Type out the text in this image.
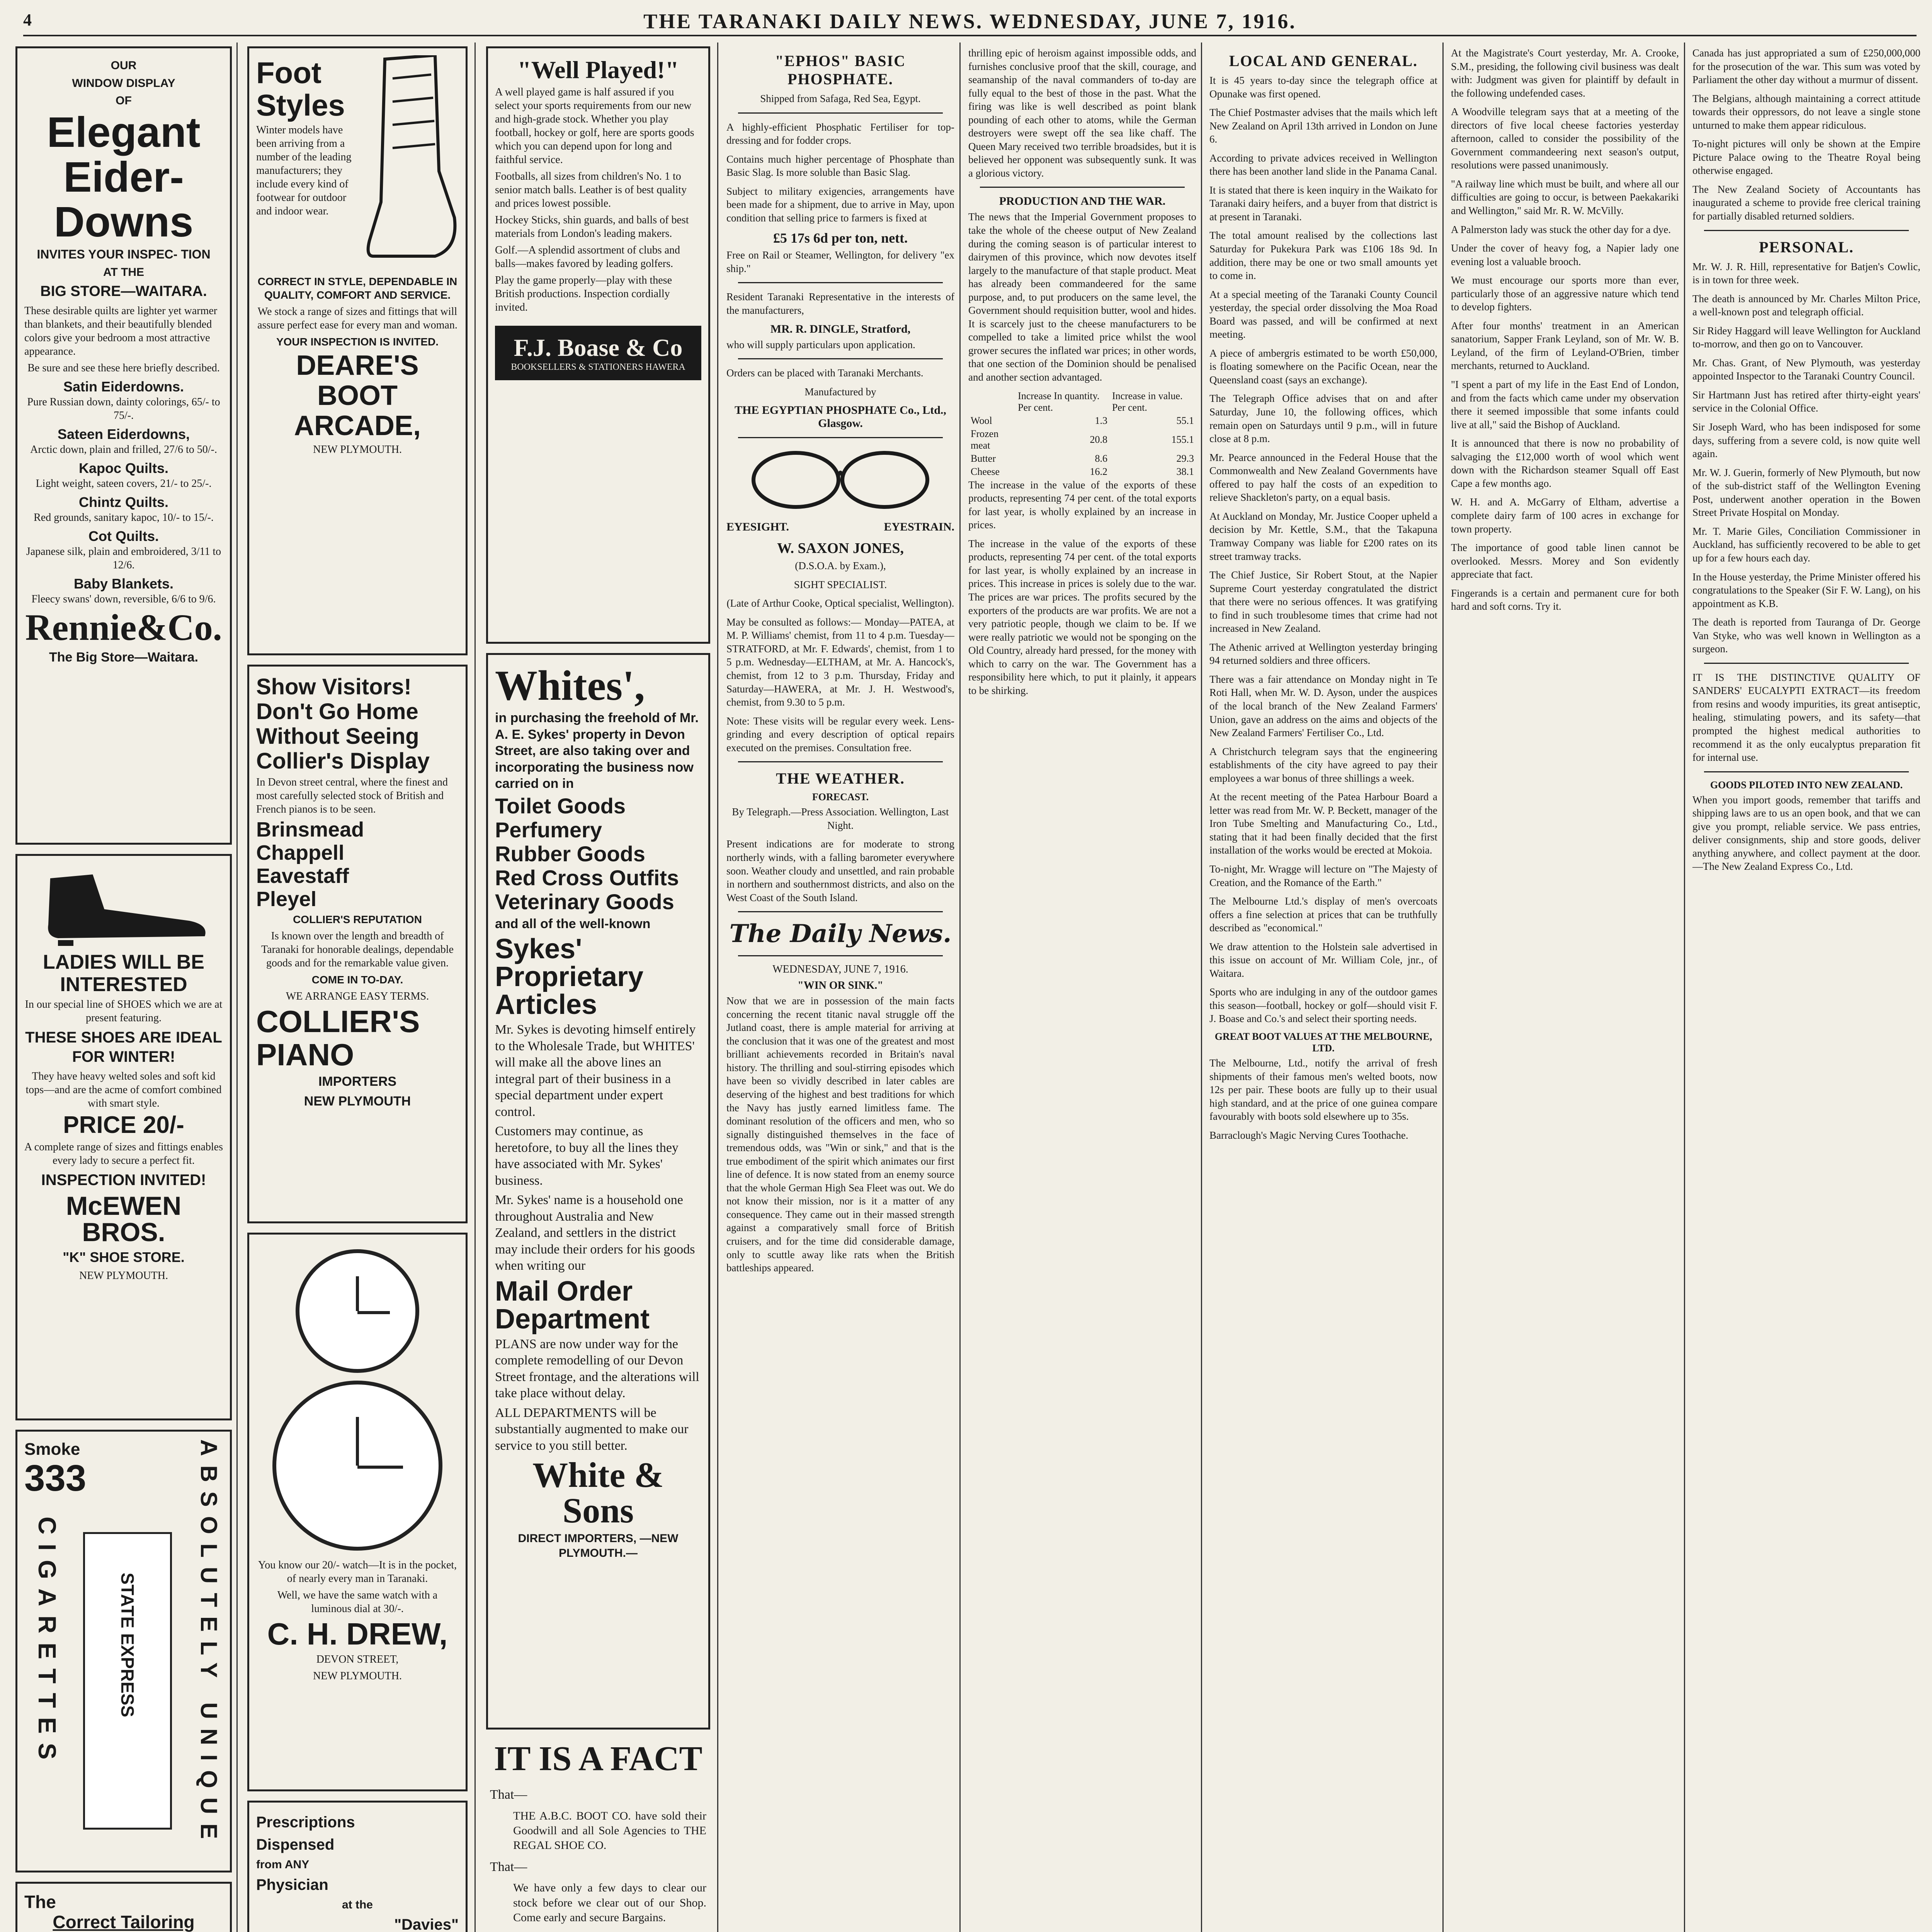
4	THE TARANAKI DAILY NEWS. WEDNESDAY, JUNE 7, 1916.

OUR

WINDOW DISPLAY

OF

Elegant
Eider-
Downs

INVITES YOUR INSPEC- TION

AT THE

BIG STORE—WAITARA.

These desirable quilts are lighter yet warmer than blankets, and their beautifully blended colors give your bedroom a most attractive appearance.

Be sure and see these here briefly described.

Satin Eiderdowns.

Pure Russian down, dainty colorings, 65/- to 75/-.

Sateen Eiderdowns,

Arctic down, plain and frilled, 27/6 to 50/-.

Kapoc Quilts.

Light weight, sateen covers, 21/- to 25/-.

Chintz Quilts.

Red grounds, sanitary kapoc, 10/- to 15/-.

Cot Quilts.

Japanese silk, plain and embroidered, 3/11 to 12/6.

Baby Blankets.

Fleecy swans' down, reversible, 6/6 to 9/6.

Rennie&Co.

The Big Store—Waitara.

LADIES WILL BE
INTERESTED

In our special line of SHOES which we are at present featuring.

THESE SHOES ARE IDEAL FOR WINTER!

They have heavy welted soles and soft kid tops—and are the acme of comfort combined with smart style.

PRICE 20/-

A complete range of sizes and fittings enables every lady to secure a perfect fit.

INSPECTION INVITED!

McEWEN BROS.

"K" SHOE STORE.

NEW PLYMOUTH.

Smoke

333
CIGARETTES	ABSOLUTELY UNIQUE
STATE EXPRESS
The
Correct Tailoring

Foot
Styles

Winter models have been arriving from a number of the leading manufacturers; they include every kind of footwear for outdoor and indoor wear.

CORRECT IN STYLE, DEPENDABLE IN QUALITY, COMFORT AND SERVICE.

We stock a range of sizes and fittings that will assure perfect ease for every man and woman.

YOUR INSPECTION IS INVITED.

DEARE'S
BOOT
ARCADE,

NEW PLYMOUTH.

Show Visitors!
Don't Go Home
Without Seeing
Collier's Display

In Devon street central, where the finest and most carefully selected stock of British and French pianos is to be seen.

Brinsmead
Chappell
Eavestaff
Pleyel

COLLIER'S REPUTATION

Is known over the length and breadth of Taranaki for honorable dealings, dependable goods and for the remarkable value given.

COME IN TO-DAY.

WE ARRANGE EASY TERMS.

COLLIER'S
PIANO

IMPORTERS

NEW PLYMOUTH

You know our 20/- watch—It is in the pocket, of nearly every man in Taranaki.

Well, we have the same watch with a luminous dial at 30/-.

C. H. DREW,

DEVON STREET,

NEW PLYMOUTH.

Prescriptions

Dispensed

from ANY

Physician

at the

"Davies"

"Well Played!"

A well played game is half assured if you select your sports requirements from our new and high-grade stock. Whether you play football, hockey or golf, here are sports goods which you can depend upon for long and faithful service.

Footballs, all sizes from children's No. 1 to senior match balls. Leather is of best quality and prices lowest possible.

Hockey Sticks, shin guards, and balls of best materials from London's leading makers.

Golf.—A splendid assortment of clubs and balls—makes favored by leading golfers.

Play the game properly—play with these British productions. Inspection cordially invited.

F.J. Boase & Co
BOOKSELLERS & STATIONERS HAWERA
Whites',

in purchasing the freehold of Mr. A. E. Sykes' property in Devon Street, are also taking over and incorporating the business now carried on in

Toilet Goods
Perfumery
Rubber Goods
Red Cross Outfits
Veterinary Goods

and all of the well-known

Sykes' Proprietary Articles

Mr. Sykes is devoting himself entirely to the Wholesale Trade, but WHITES' will make all the above lines an integral part of their business in a special department under expert control.

Customers may continue, as heretofore, to buy all the lines they have associated with Mr. Sykes' business.

Mr. Sykes' name is a household one throughout Australia and New Zealand, and settlers in the district may include their orders for his goods when writing our

Mail Order Department

PLANS are now under way for the complete remodelling of our Devon Street frontage, and the alterations will take place without delay.

ALL DEPARTMENTS will be substantially augmented to make our service to you still better.

White & Sons

DIRECT IMPORTERS, —NEW PLYMOUTH.—

IT IS A FACT

That—

THE A.B.C. BOOT CO. have sold their Goodwill and all Sole Agencies to THE REGAL SHOE CO.

That—

We have only a few days to clear our stock before we clear out of our Shop. Come early and secure Bargains.

"EPHOS" BASIC PHOSPHATE.

Shipped from Safaga, Red Sea, Egypt.

A highly-efficient Phosphatic Fertiliser for top-dressing and for fodder crops.

Contains much higher percentage of Phosphate than Basic Slag. Is more soluble than Basic Slag.

Subject to military exigencies, arrangements have been made for a shipment, due to arrive in May, upon condition that selling price to farmers is fixed at

£5 17s 6d per ton, nett.

Free on Rail or Steamer, Wellington, for delivery "ex ship."

Resident Taranaki Representative in the interests of the manufacturers,

MR. R. DINGLE, Stratford,

who will supply particulars upon application.

Orders can be placed with Taranaki Merchants.

Manufactured by

THE EGYPTIAN PHOSPHATE Co., Ltd., Glasgow.

EYESIGHT.	EYESTRAIN.

W. SAXON JONES,

(D.S.O.A. by Exam.),

SIGHT SPECIALIST.

(Late of Arthur Cooke, Optical specialist, Wellington).

May be consulted as follows:— Monday—PATEA, at M. P. Williams' chemist, from 11 to 4 p.m. Tuesday—STRATFORD, at Mr. F. Edwards', chemist, from 1 to 5 p.m. Wednesday—ELTHAM, at Mr. A. Hancock's, chemist, from 12 to 3 p.m. Thursday, Friday and Saturday—HAWERA, at Mr. J. H. Westwood's, chemist, from 9.30 to 5 p.m.

Note: These visits will be regular every week. Lens-grinding and every description of optical repairs executed on the premises. Consultation free.

THE WEATHER.

FORECAST.

By Telegraph.—Press Association. Wellington, Last Night.

Present indications are for moderate to strong northerly winds, with a falling barometer everywhere soon. Weather cloudy and unsettled, and rain probable in northern and southernmost districts, and also on the West Coast of the South Island.

The Daily News.

WEDNESDAY, JUNE 7, 1916.

"WIN OR SINK."

Now that we are in possession of the main facts concerning the recent titanic naval struggle off the Jutland coast, there is ample material for arriving at the conclusion that it was one of the greatest and most brilliant achievements recorded in Britain's naval history. The thrilling and soul-stirring episodes which have been so vividly described in later cables are deserving of the highest and best traditions for which the Navy has justly earned limitless fame. The dominant resolution of the officers and men, who so signally distinguished themselves in the face of tremendous odds, was "Win or sink," and that is the true embodiment of the spirit which animates our first line of defence. It is now stated from an enemy source that the whole German High Sea Fleet was out. We do not know their mission, nor is it a matter of any consequence. They came out in their massed strength against a comparatively small force of British cruisers, and for the time did considerable damage, only to scuttle away like rats when the British battleships appeared.

thrilling epic of heroism against impossible odds, and furnishes conclusive proof that the skill, courage, and seamanship of the naval commanders of to-day are fully equal to the best of those in the past. What the firing was like is well described as point blank pounding of each other to atoms, while the German destroyers were swept off the sea like chaff. The Queen Mary received two terrible broadsides, but it is believed her opponent was subsequently sunk. It was a glorious victory.

PRODUCTION AND THE WAR.

The news that the Imperial Government proposes to take the whole of the cheese output of New Zealand during the coming season is of particular interest to dairymen of this province, which now devotes itself largely to the manufacture of that staple product. Meat has already been commandeered for the same purpose, and, to put producers on the same level, the Government should requisition butter, wool and hides. It is scarcely just to the cheese manufacturers to be compelled to take a limited price whilst the wool grower secures the inflated war prices; in other words, that one section of the Dominion should be penalised and another section advantaged.

	Increase In quantity. Per cent.	Increase in value. Per cent.
Wool	1.3	55.1
Frozen meat	20.8	155.1
Butter	8.6	29.3
Cheese	16.2	38.1

The increase in the value of the exports of these products, representing 74 per cent. of the total exports for last year, is wholly explained by an increase in prices.

The increase in the value of the exports of these products, representing 74 per cent. of the total exports for last year, is wholly explained by an increase in prices. This increase in prices is solely due to the war. The prices are war prices. The profits secured by the exporters of the products are war profits. We are not a very patriotic people, though we claim to be. If we were really patriotic we would not be sponging on the Old Country, already hard pressed, for the money with which to carry on the war. The Government has a responsibility here which, to put it plainly, it appears to be shirking.

LOCAL AND GENERAL.

It is 45 years to-day since the telegraph office at Opunake was first opened.

The Chief Postmaster advises that the mails which left New Zealand on April 13th arrived in London on June 6.

According to private advices received in Wellington there has been another land slide in the Panama Canal.

It is stated that there is keen inquiry in the Waikato for Taranaki dairy heifers, and a buyer from that district is at present in Taranaki.

The total amount realised by the collections last Saturday for Pukekura Park was £106 18s 9d. In addition, there may be one or two small amounts yet to come in.

At a special meeting of the Taranaki County Council yesterday, the special order dissolving the Moa Road Board was passed, and will be confirmed at next meeting.

A piece of ambergris estimated to be worth £50,000, is floating somewhere on the Pacific Ocean, near the Queensland coast (says an exchange).

The Telegraph Office advises that on and after Saturday, June 10, the following offices, which remain open on Saturdays until 9 p.m., will in future close at 8 p.m.

Mr. Pearce announced in the Federal House that the Commonwealth and New Zealand Governments have offered to pay half the costs of an expedition to relieve Shackleton's party, on a equal basis.

At Auckland on Monday, Mr. Justice Cooper upheld a decision by Mr. Kettle, S.M., that the Takapuna Tramway Company was liable for £200 rates on its street tramway tracks.

The Chief Justice, Sir Robert Stout, at the Napier Supreme Court yesterday congratulated the district that there were no serious offences. It was gratifying to find in such troublesome times that crime had not increased in New Zealand.

The Athenic arrived at Wellington yesterday bringing 94 returned soldiers and three officers.

There was a fair attendance on Monday night in Te Roti Hall, when Mr. W. D. Ayson, under the auspices of the local branch of the New Zealand Farmers' Union, gave an address on the aims and objects of the New Zealand Farmers' Fertiliser Co., Ltd.

A Christchurch telegram says that the engineering establishments of the city have agreed to pay their employees a war bonus of three shillings a week.

At the recent meeting of the Patea Harbour Board a letter was read from Mr. W. P. Beckett, manager of the Iron Tube Smelting and Manufacturing Co., Ltd., stating that it had been finally decided that the first installation of the works would be erected at Mokoia.

To-night, Mr. Wragge will lecture on "The Majesty of Creation, and the Romance of the Earth."

The Melbourne Ltd.'s display of men's overcoats offers a fine selection at prices that can be truthfully described as "economical."

We draw attention to the Holstein sale advertised in this issue on account of Mr. William Cole, jnr., of Waitara.

Sports who are indulging in any of the outdoor games this season—football, hockey or golf—should visit F. J. Boase and Co.'s and select their sporting needs.

GREAT BOOT VALUES AT THE MELBOURNE, LTD.

The Melbourne, Ltd., notify the arrival of fresh shipments of their famous men's welted boots, now 12s per pair. These boots are fully up to their usual high standard, and at the price of one guinea compare favourably with boots sold elsewhere up to 35s.

Barraclough's Magic Nerving Cures Toothache.

At the Magistrate's Court yesterday, Mr. A. Crooke, S.M., presiding, the following civil business was dealt with: Judgment was given for plaintiff by default in the following undefended cases.

A Woodville telegram says that at a meeting of the directors of five local cheese factories yesterday afternoon, called to consider the possibility of the Government commandeering next season's output, resolutions were passed unanimously.

"A railway line which must be built, and where all our difficulties are going to occur, is between Paekakariki and Wellington," said Mr. R. W. McVilly.

A Palmerston lady was stuck the other day for a dye.

Under the cover of heavy fog, a Napier lady one evening lost a valuable brooch.

We must encourage our sports more than ever, particularly those of an aggressive nature which tend to develop fighters.

After four months' treatment in an American sanatorium, Sapper Frank Leyland, son of Mr. W. B. Leyland, of the firm of Leyland-O'Brien, timber merchants, returned to Auckland.

"I spent a part of my life in the East End of London, and from the facts which came under my observation there it seemed impossible that some infants could live at all," said the Bishop of Auckland.

It is announced that there is now no probability of salvaging the £12,000 worth of wool which went down with the Richardson steamer Squall off East Cape a few months ago.

W. H. and A. McGarry of Eltham, advertise a complete dairy farm of 100 acres in exchange for town property.

The importance of good table linen cannot be overlooked. Messrs. Morey and Son evidently appreciate that fact.

Fingerands is a certain and permanent cure for both hard and soft corns. Try it.

Canada has just appropriated a sum of £250,000,000 for the prosecution of the war. This sum was voted by Parliament the other day without a murmur of dissent.

The Belgians, although maintaining a correct attitude towards their oppressors, do not leave a single stone unturned to make them appear ridiculous.

To-night pictures will only be shown at the Empire Picture Palace owing to the Theatre Royal being otherwise engaged.

The New Zealand Society of Accountants has inaugurated a scheme to provide free clerical training for partially disabled returned soldiers.

PERSONAL.

Mr. W. J. R. Hill, representative for Batjen's Cowlic, is in town for three week.

The death is announced by Mr. Charles Milton Price, a well-known post and telegraph official.

Sir Ridey Haggard will leave Wellington for Auckland to-morrow, and then go on to Vancouver.

Mr. Chas. Grant, of New Plymouth, was yesterday appointed Inspector to the Taranaki Country Council.

Sir Hartmann Just has retired after thirty-eight years' service in the Colonial Office.

Sir Joseph Ward, who has been indisposed for some days, suffering from a severe cold, is now quite well again.

Mr. W. J. Guerin, formerly of New Plymouth, but now of the sub-district staff of the Wellington Evening Post, underwent another operation in the Bowen Street Private Hospital on Monday.

Mr. T. Marie Giles, Conciliation Commissioner in Auckland, has sufficiently recovered to be able to get up for a few hours each day.

In the House yesterday, the Prime Minister offered his congratulations to the Speaker (Sir F. W. Lang), on his appointment as K.B.

The death is reported from Tauranga of Dr. George Van Styke, who was well known in Wellington as a surgeon.

IT IS THE DISTINCTIVE QUALITY OF SANDERS' EUCALYPTI EXTRACT—its freedom from resins and woody impurities, its great antiseptic, healing, stimulating powers, and its safety—that prompted the highest medical authorities to recommend it as the only eucalyptus preparation fit for internal use.

GOODS PILOTED INTO NEW ZEALAND.

When you import goods, remember that tariffs and shipping laws are to us an open book, and that we can give you prompt, reliable service. We pass entries, deliver consignments, ship and store goods, deliver anything anywhere, and collect payment at the door.—The New Zealand Express Co., Ltd.
